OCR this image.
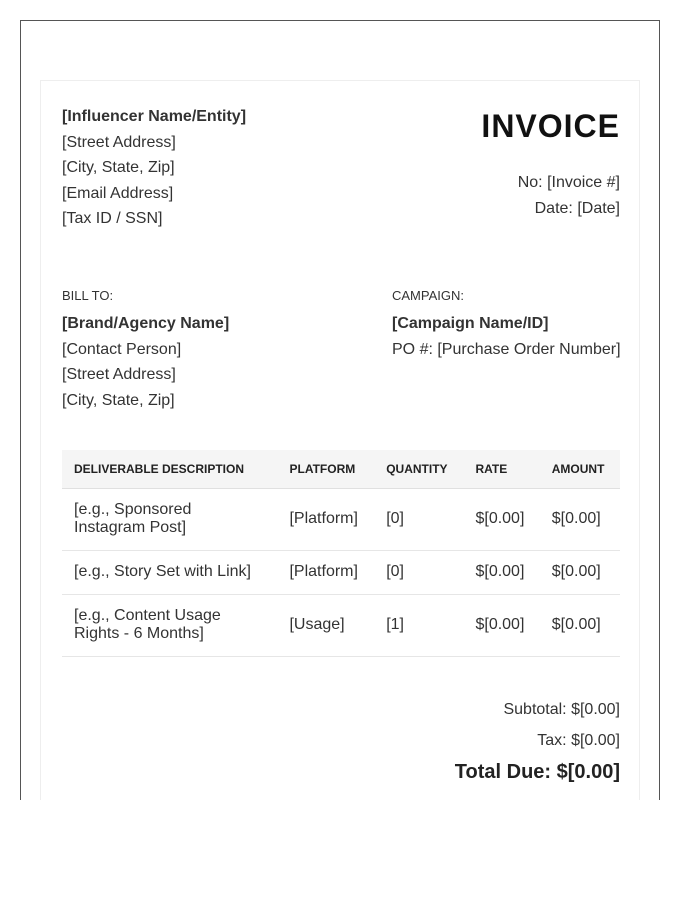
[Influencer Name/Entity]
[Street Address]
[City, State, Zip]
[Email Address]
[Tax ID / SSN]
INVOICE
No: [Invoice #]
Date: [Date]
BILL TO:
[Brand/Agency Name]
[Contact Person]
[Street Address]
[City, State, Zip]
CAMPAIGN:
[Campaign Name/ID]
PO #: [Purchase Order Number]
DELIVERABLE DESCRIPTION	PLATFORM	QUANTITY	RATE	AMOUNT
[e.g., Sponsored Instagram Post]	[Platform]	[0]	$[0.00]	$[0.00]
[e.g., Story Set with Link]	[Platform]	[0]	$[0.00]	$[0.00]
[e.g., Content Usage Rights - 6 Months]	[Usage]	[1]	$[0.00]	$[0.00]
Subtotal: $[0.00]
Tax: $[0.00]
Total Due: $[0.00]
